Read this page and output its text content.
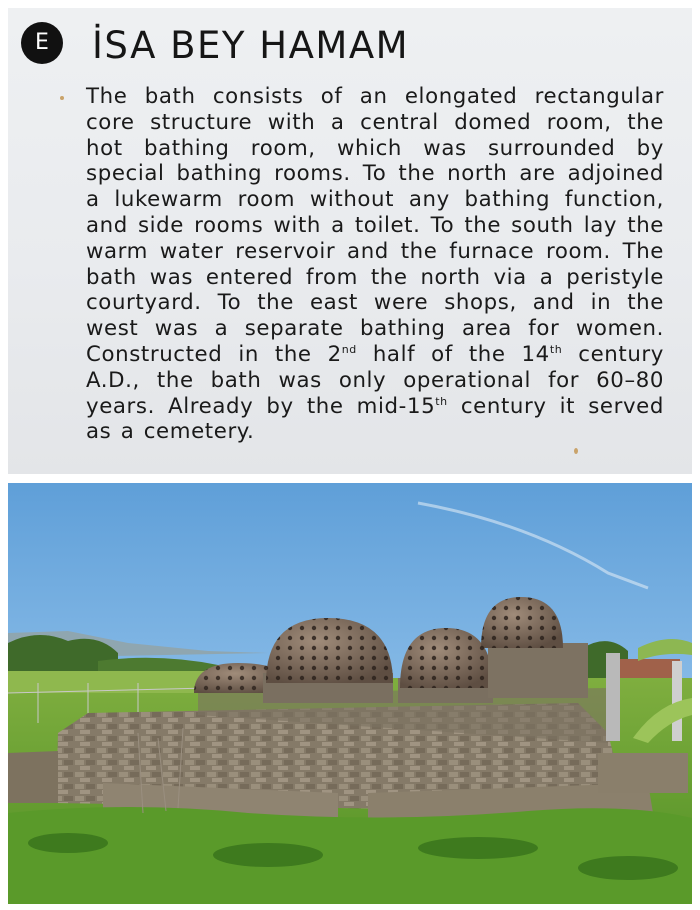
E	İSA BEY HAMAM
The bath consists of an elongated rectangular core structure with a central domed room, the hot bathing room, which was surrounded by special bathing rooms. To the north are adjoined a lukewarm room without any bathing function, and side rooms with a toilet. To the south lay the warm water reservoir and the furnace room. The bath was entered from the north via a peristyle courtyard. To the east were shops, and in the west was a separate bathing area for women. Constructed in the 2nd half of the 14th century A.D., the bath was only operational for 60–80 years. Already by the mid-15th century it served as a cemetery.
